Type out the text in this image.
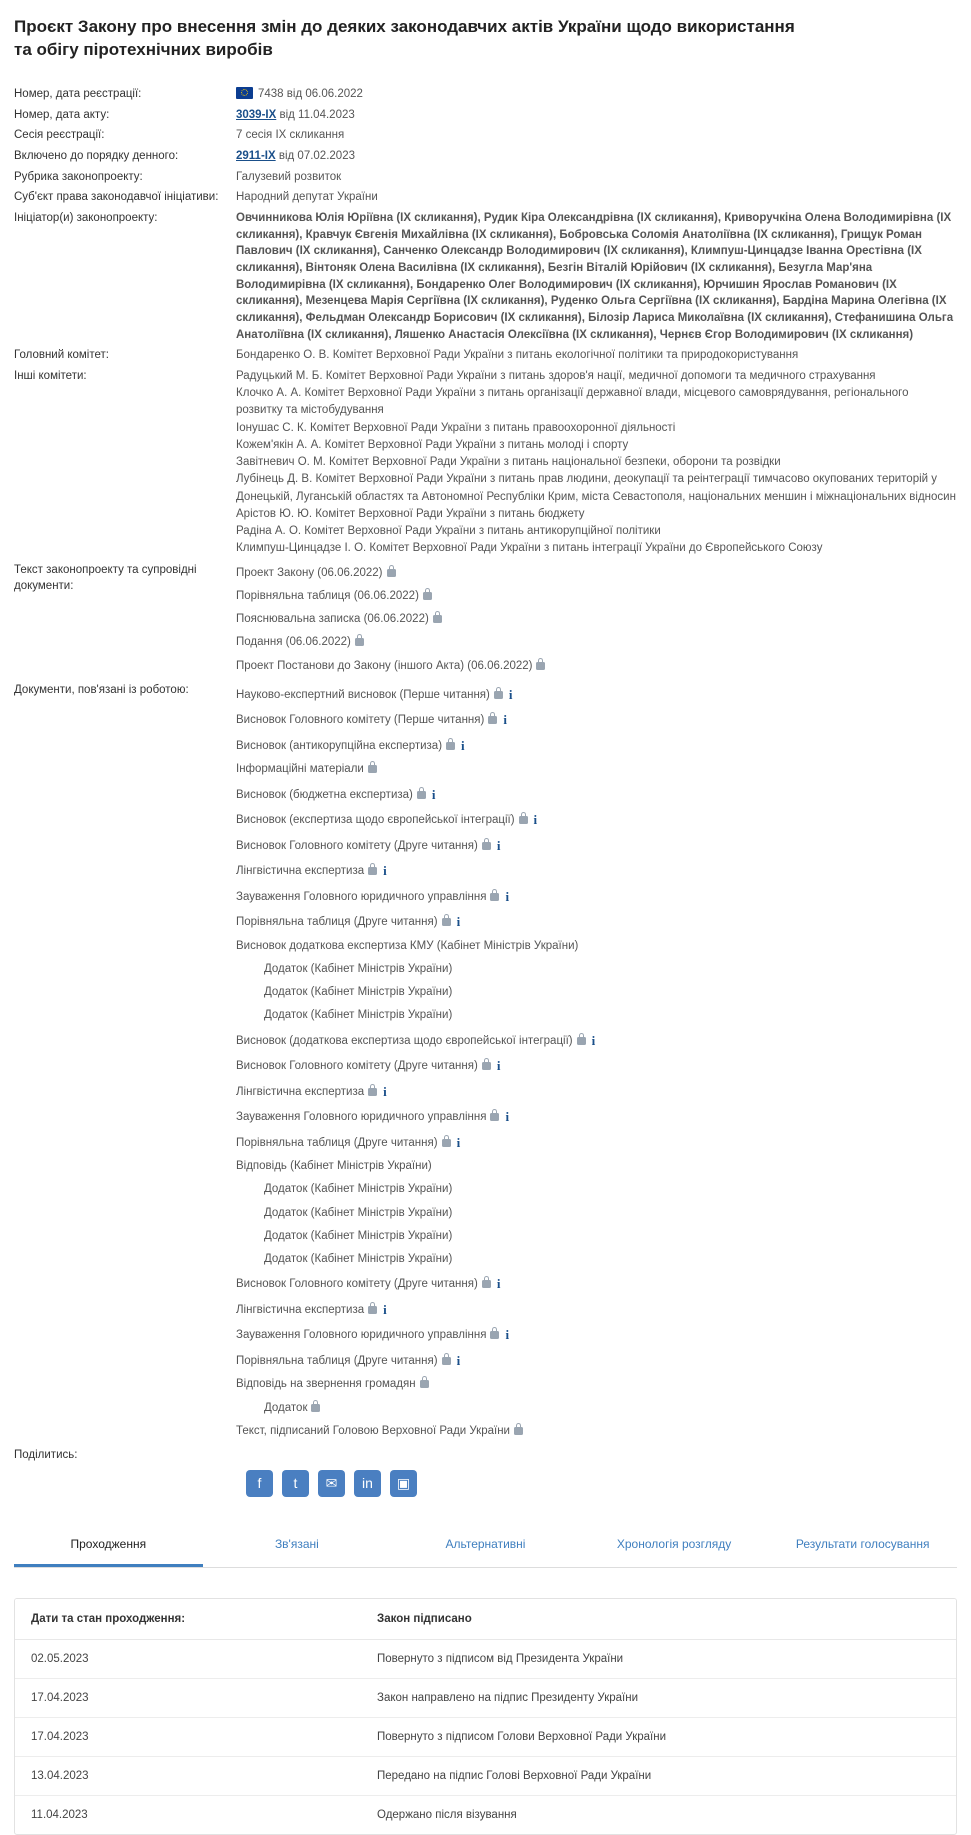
Проєкт Закону про внесення змін до деяких законодавчих актів України щодо використання та обігу піротехнічних виробів
Номер, дата реєстрації:	7438 від 06.06.2022
Номер, дата акту:	3039-IX від 11.04.2023
Сесія реєстрації:	7 сесія IX скликання
Включено до порядку денного:	2911-IX від 07.02.2023
Рубрика законопроекту:	Галузевий розвиток
Суб'єкт права законодавчої ініціативи:	Народний депутат України
Ініціатор(и) законопроекту:	Овчинникова Юлія Юріївна (IX скликання), Рудик Кіра Олександрівна (IX скликання), Криворучкіна Олена Володимирівна (IX скликання), Кравчук Євгенія Михайлівна (IX скликання), Бобровська Соломія Анатоліївна (IX скликання), Грищук Роман Павлович (IX скликання), Санченко Олександр Володимирович (IX скликання), Климпуш-Цинцадзе Іванна Орестівна (IX скликання), Вінтоняк Олена Василівна (IX скликання), Безгін Віталій Юрійович (IX скликання), Безугла Мар'яна Володимирівна (IX скликання), Бондаренко Олег Володимирович (IX скликання), Юрчишин Ярослав Романович (IX скликання), Мезенцева Марія Сергіївна (IX скликання), Руденко Ольга Сергіївна (IX скликання), Бардіна Марина Олегівна (IX скликання), Фельдман Олександр Борисович (IX скликання), Білозір Лариса Миколаївна (IX скликання), Стефанишина Ольга Анатоліївна (IX скликання), Ляшенко Анастасія Олексіївна (IX скликання), Чернєв Єгор Володимирович (IX скликання)
Головний комітет:	Бондаренко О. В. Комітет Верховної Ради України з питань екологічної політики та природокористування
Інші комітети:	Радуцький М. Б. Комітет Верховної Ради України з питань здоров'я нації, медичної допомоги та медичного страхування
Клочко А. А. Комітет Верховної Ради України з питань організації державної влади, місцевого самоврядування, регіонального розвитку та містобудування
Іонушас С. К. Комітет Верховної Ради України з питань правоохоронної діяльності
Кожем'якін А. А. Комітет Верховної Ради України з питань молоді і спорту
Завітневич О. М. Комітет Верховної Ради України з питань національної безпеки, оборони та розвідки
Лубінець Д. В. Комітет Верховної Ради України з питань прав людини, деокупації та реінтеграції тимчасово окупованих територій у Донецькій, Луганській областях та Автономної Республіки Крим, міста Севастополя, національних меншин і міжнаціональних відносин
Арістов Ю. Ю. Комітет Верховної Ради України з питань бюджету
Радіна А. О. Комітет Верховної Ради України з питань антикорупційної політики
Климпуш-Цинцадзе І. О. Комітет Верховної Ради України з питань інтеграції України до Європейського Союзу

Текст законопроекту та супровідні документи:	Проект Закону (06.06.2022)
Порівняльна таблиця (06.06.2022)
Пояснювальна записка (06.06.2022)
Подання (06.06.2022)
Проект Постанови до Закону (іншого Акта) (06.06.2022)

Документи, пов'язані із роботою:	Науково-експертний висновок (Перше читання) i
Висновок Головного комітету (Перше читання) i
Висновок (антикорупційна експертиза) i
Інформаційні матеріали
Висновок (бюджетна експертиза) i
Висновок (експертиза щодо європейської інтеграції) i
Висновок Головного комітету (Друге читання) i
Лінгвістична експертиза i
Зауваження Головного юридичного управління i
Порівняльна таблиця (Друге читання) i
Висновок додаткова експертиза КМУ (Кабінет Міністрів України)
Додаток (Кабінет Міністрів України)
Додаток (Кабінет Міністрів України)
Додаток (Кабінет Міністрів України)
Висновок (додаткова експертиза щодо європейської інтеграції) i
Висновок Головного комітету (Друге читання) i
Лінгвістична експертиза i
Зауваження Головного юридичного управління i
Порівняльна таблиця (Друге читання) i
Відповідь (Кабінет Міністрів України)
Додаток (Кабінет Міністрів України)
Додаток (Кабінет Міністрів України)
Додаток (Кабінет Міністрів України)
Додаток (Кабінет Міністрів України)
Висновок Головного комітету (Друге читання) i
Лінгвістична експертиза i
Зауваження Головного юридичного управління i
Порівняльна таблиця (Друге читання) i
Відповідь на звернення громадян
Додаток
Текст, підписаний Головою Верховної Ради України

Поділитись:	
f	t	✉	in	▣
Проходження	Зв'язані	Альтернативні	Хронологія розгляду	Результати голосування
Дати та стан проходження:	Закон підписано
02.05.2023	Повернуто з підписом від Президента України
17.04.2023	Закон направлено на підпис Президенту України
17.04.2023	Повернуто з підписом Голови Верховної Ради України
13.04.2023	Передано на підпис Голові Верховної Ради України
11.04.2023	Одержано після візування
